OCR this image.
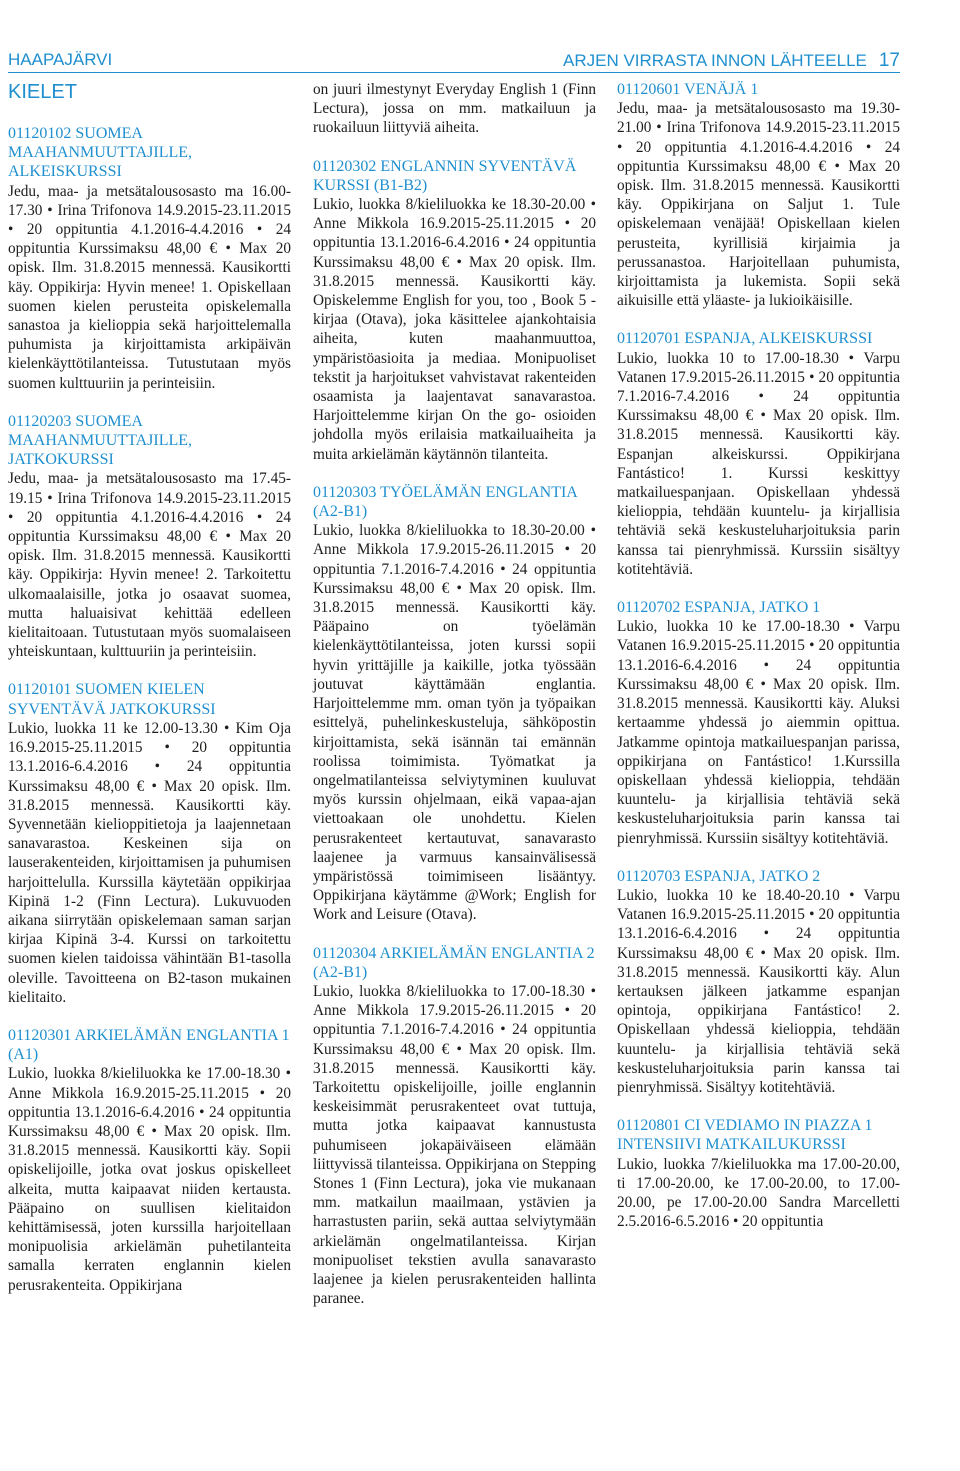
HAAPAJÄRVI	ARJEN VIRRASTA INNON LÄHTEELLE 17
KIELET
01120102 SUOMEA MAAHANMUUTTAJILLE, ALKEISKURSSI

Jedu, maa- ja metsätalousosasto ma 16.00-17.30 • Irina Trifonova 14.9.2015-23.11.2015 • 20 oppituntia 4.1.2016-4.4.2016 • 24 oppituntia Kurssimaksu 48,00 € • Max 20 opisk. Ilm. 31.8.2015 mennessä. Kausikortti käy. Oppikirja: Hyvin menee! 1. Opiskellaan suomen kielen perusteita opiskelemalla sanastoa ja kielioppia sekä harjoittelemalla puhumista ja kirjoittamista arkipäivän kielenkäyttötilanteissa. Tutustutaan myös suomen kulttuuriin ja perinteisiin.

01120203 SUOMEA MAAHANMUUTTAJILLE, JATKOKURSSI

Jedu, maa- ja metsätalousosasto ma 17.45-19.15 • Irina Trifonova 14.9.2015-23.11.2015 • 20 oppituntia 4.1.2016-4.4.2016 • 24 oppituntia Kurssimaksu 48,00 € • Max 20 opisk. Ilm. 31.8.2015 mennessä. Kausikortti käy. Oppikirja: Hyvin menee! 2. Tarkoitettu ulkomaalaisille, jotka jo osaavat suomea, mutta haluaisivat kehittää edelleen kielitaitoaan. Tutustutaan myös suomalaiseen yhteiskuntaan, kulttuuriin ja perinteisiin.

01120101 SUOMEN KIELEN SYVENTÄVÄ JATKOKURSSI

Lukio, luokka 11 ke 12.00-13.30 • Kim Oja 16.9.2015-25.11.2015 • 20 oppituntia 13.1.2016-6.4.2016 • 24 oppituntia Kurssimaksu 48,00 € • Max 20 opisk. Ilm. 31.8.2015 mennessä. Kausikortti käy. Syvennetään kielioppitietoja ja laajennetaan sanavarastoa. Keskeinen sija on lauserakenteiden, kirjoittamisen ja puhumisen harjoittelulla. Kurssilla käytetään oppikirjaa Kipinä 1-2 (Finn Lectura). Lukuvuoden aikana siirrytään opiskelemaan saman sarjan kirjaa Kipinä 3-4. Kurssi on tarkoitettu suomen kielen taidoissa vähintään B1-tasolla oleville. Tavoitteena on B2-tason mukainen kielitaito.

01120301 ARKIELÄMÄN ENGLANTIA 1 (A1)

Lukio, luokka 8/kieliluokka ke 17.00-18.30 • Anne Mikkola 16.9.2015-25.11.2015 • 20 oppituntia 13.1.2016-6.4.2016 • 24 oppituntia Kurssimaksu 48,00 € • Max 20 opisk. Ilm. 31.8.2015 mennessä. Kausikortti käy. Sopii opiskelijoille, jotka ovat joskus opiskelleet alkeita, mutta kaipaavat niiden kertausta. Pääpaino on suullisen kielitaidon kehittämisessä, joten kurssilla harjoitellaan monipuolisia arkielämän puhetilanteita samalla kerraten englannin kielen perusrakenteita. Oppikirjana

on juuri ilmestynyt Everyday English 1 (Finn Lectura), jossa on mm. matkailuun ja ruokailuun liittyviä aiheita.

01120302 ENGLANNIN SYVENTÄVÄ KURSSI (B1-B2)

Lukio, luokka 8/kieliluokka ke 18.30-20.00 • Anne Mikkola 16.9.2015-25.11.2015 • 20 oppituntia 13.1.2016-6.4.2016 • 24 oppituntia Kurssimaksu 48,00 € • Max 20 opisk. Ilm. 31.8.2015 mennessä. Kausikortti käy. Opiskelemme English for you, too , Book 5 -kirjaa (Otava), joka käsittelee ajankohtaisia aiheita, kuten maahanmuuttoa, ympäristöasioita ja mediaa. Monipuoliset tekstit ja harjoitukset vahvistavat rakenteiden osaamista ja laajentavat sanavarastoa. Harjoittelemme kirjan On the go- osioiden johdolla myös erilaisia matkailuaiheita ja muita arkielämän käytännön tilanteita.

01120303 TYÖELÄMÄN ENGLANTIA (A2-B1)

Lukio, luokka 8/kieliluokka to 18.30-20.00 • Anne Mikkola 17.9.2015-26.11.2015 • 20 oppituntia 7.1.2016-7.4.2016 • 24 oppituntia Kurssimaksu 48,00 € • Max 20 opisk. Ilm. 31.8.2015 mennessä. Kausikortti käy. Pääpaino on työelämän kielenkäyttötilanteissa, joten kurssi sopii hyvin yrittäjille ja kaikille, jotka työssään joutuvat käyttämään englantia. Harjoittelemme mm. oman työn ja työpaikan esittelyä, puhelinkeskusteluja, sähköpostin kirjoittamista, sekä isännän tai emännän roolissa toimimista. Työmatkat ja ongelmatilanteissa selviytyminen kuuluvat myös kurssin ohjelmaan, eikä vapaa-ajan viettoakaan ole unohdettu. Kielen perusrakenteet kertautuvat, sanavarasto laajenee ja varmuus kansainvälisessä ympäristössä toimimiseen lisääntyy. Oppikirjana käytämme @Work; English for Work and Leisure (Otava).

01120304 ARKIELÄMÄN ENGLANTIA 2 (A2-B1)

Lukio, luokka 8/kieliluokka to 17.00-18.30 • Anne Mikkola 17.9.2015-26.11.2015 • 20 oppituntia 7.1.2016-7.4.2016 • 24 oppituntia Kurssimaksu 48,00 € • Max 20 opisk. Ilm. 31.8.2015 mennessä. Kausikortti käy. Tarkoitettu opiskelijoille, joille englannin keskeisimmät perusrakenteet ovat tuttuja, mutta jotka kaipaavat kannustusta puhumiseen jokapäiväiseen elämään liittyvissä tilanteissa. Oppikirjana on Stepping Stones 1 (Finn Lectura), joka vie mukanaan mm. matkailun maailmaan, ystävien ja harrastusten pariin, sekä auttaa selviytymään arkielämän ongelmatilanteissa. Kirjan monipuoliset tekstien avulla sanavarasto laajenee ja kielen perusrakenteiden hallinta paranee.

01120601 VENÄJÄ 1

Jedu, maa- ja metsätalousosasto ma 19.30-21.00 • Irina Trifonova 14.9.2015-23.11.2015 • 20 oppituntia 4.1.2016-4.4.2016 • 24 oppituntia Kurssimaksu 48,00 € • Max 20 opisk. Ilm. 31.8.2015 mennessä. Kausikortti käy. Oppikirjana on Saljut 1. Tule opiskelemaan venäjää! Opiskellaan kielen perusteita, kyrillisiä kirjaimia ja perussanastoa. Harjoitellaan puhumista, kirjoittamista ja lukemista. Sopii sekä aikuisille että yläaste- ja lukioikäisille.

01120701 ESPANJA, ALKEISKURSSI

Lukio, luokka 10 to 17.00-18.30 • Varpu Vatanen 17.9.2015-26.11.2015 • 20 oppituntia 7.1.2016-7.4.2016 • 24 oppituntia Kurssimaksu 48,00 € • Max 20 opisk. Ilm. 31.8.2015 mennessä. Kausikortti käy. Espanjan alkeiskurssi. Oppikirjana Fantástico! 1. Kurssi keskittyy matkailuespanjaan. Opiskellaan yhdessä kielioppia, tehdään kuuntelu- ja kirjallisia tehtäviä sekä keskusteluharjoituksia parin kanssa tai pienryhmissä. Kurssiin sisältyy kotitehtäviä.

01120702 ESPANJA, JATKO 1

Lukio, luokka 10 ke 17.00-18.30 • Varpu Vatanen 16.9.2015-25.11.2015 • 20 oppituntia 13.1.2016-6.4.2016 • 24 oppituntia Kurssimaksu 48,00 € • Max 20 opisk. Ilm. 31.8.2015 mennessä. Kausikortti käy. Aluksi kertaamme yhdessä jo aiemmin opittua. Jatkamme opintoja matkailuespanjan parissa, oppikirjana on Fantástico! 1.Kurssilla opiskellaan yhdessä kielioppia, tehdään kuuntelu- ja kirjallisia tehtäviä sekä keskusteluharjoituksia parin kanssa tai pienryhmissä. Kurssiin sisältyy kotitehtäviä.

01120703 ESPANJA, JATKO 2

Lukio, luokka 10 ke 18.40-20.10 • Varpu Vatanen 16.9.2015-25.11.2015 • 20 oppituntia 13.1.2016-6.4.2016 • 24 oppituntia Kurssimaksu 48,00 € • Max 20 opisk. Ilm. 31.8.2015 mennessä. Kausikortti käy. Alun kertauksen jälkeen jatkamme espanjan opintoja, oppikirjana Fantástico! 2. Opiskellaan yhdessä kielioppia, tehdään kuuntelu- ja kirjallisia tehtäviä sekä keskusteluharjoituksia parin kanssa tai pienryhmissä. Sisältyy kotitehtäviä.

01120801 CI VEDIAMO IN PIAZZA 1 INTENSIIVI MATKAILUKURSSI

Lukio, luokka 7/kieliluokka ma 17.00-20.00, ti 17.00-20.00, ke 17.00-20.00, to 17.00-20.00, pe 17.00-20.00 Sandra Marcelletti 2.5.2016-6.5.2016 • 20 oppituntia
